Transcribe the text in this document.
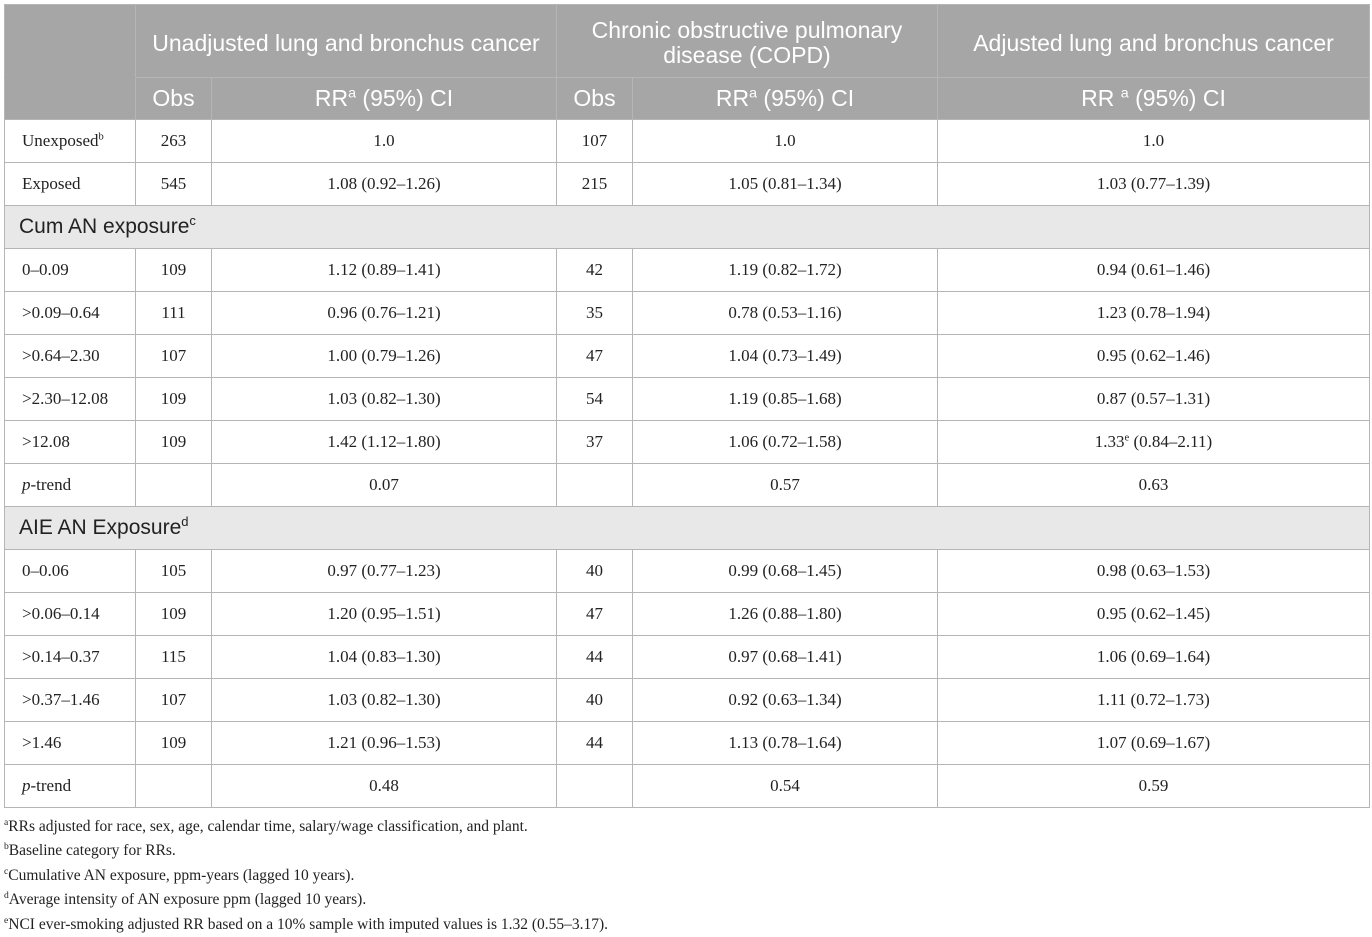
	Unadjusted lung and bronchus cancer		Chronic obstructive pulmonary disease (COPD)		Adjusted lung and bronchus cancer
	Obs	$RR^a$ (95%) CI	Obs	$RR^a$ (95%) CI	RR $^a$ (95%) CI
Unexposed$^b$	263	1.0	107	1.0	1.0
Exposed	545	1.08 (0.92–1.26)	215	1.05 (0.81–1.34)	1.03 (0.77–1.39)
Cum AN exposure$^c$
0–0.09	109	1.12 (0.89–1.41)	42	1.19 (0.82–1.72)	0.94 (0.61–1.46)
>0.09–0.64	111	0.96 (0.76–1.21)	35	0.78 (0.53–1.16)	1.23 (0.78–1.94)
>0.64–2.30	107	1.00 (0.79–1.26)	47	1.04 (0.73–1.49)	0.95 (0.62–1.46)
>2.30–12.08	109	1.03 (0.82–1.30)	54	1.19 (0.85–1.68)	0.87 (0.57–1.31)
>12.08	109	1.42 (1.12–1.80)	37	1.06 (0.72–1.58)	1.33e (0.84–2.11)
p-trend		0.07		0.57	0.63
AIE AN Exposure$^d$
0–0.06	105	0.97 (0.77–1.23)	40	0.99 (0.68–1.45)	0.98 (0.63–1.53)
>0.06–0.14	109	1.20 (0.95–1.51)	47	1.26 (0.88–1.80)	0.95 (0.62–1.45)
>0.14–0.37	115	1.04 (0.83–1.30)	44	0.97 (0.68–1.41)	1.06 (0.69–1.64)
>0.37–1.46	107	1.03 (0.82–1.30)	40	0.92 (0.63–1.34)	1.11 (0.72–1.73)
>1.46	109	1.21 (0.96–1.53)	44	1.13 (0.78–1.64)	1.07 (0.69–1.67)
p-trend		0.48		0.54	0.59
$^a$RRs adjusted for race, sex, age, calendar time, salary/wage classification, and plant.
$^b$Baseline category for RRs.
$^c$Cumulative AN exposure, ppm-years (lagged 10 years).
$^d$Average intensity of AN exposure ppm (lagged 10 years).
$^e$NCI ever-smoking adjusted RR based on a 10% sample with imputed values is 1.32 (0.55–3.17).
